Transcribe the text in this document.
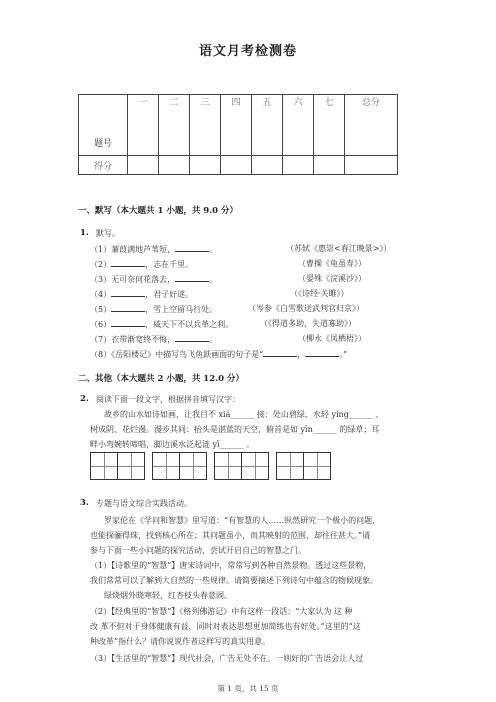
语文月考检测卷
题号	一	二	三	四	五	六	七	总分
得分								
一、默写（本大题共 1 小题，共 9.0 分）
1. 默写。
（1）蒹葭满地芦苇短，	。	（苏轼《惠崇<春江晚景>》）
（2）	，志在千里。	（曹操《龟虽寿》）
（3）无可奈何花落去，	。	（晏殊《浣溪沙》）
（4）	，君子好逑。	（《诗经·关雎》）
（5）	，雪上空留马行处。	（岑参《白雪歌送武判官归京》）
（6）	，威天下不以兵革之利。	（《得道多助，失道寡助》）
（7）衣带渐宽终不悔，	。	（柳永《凤栖梧》）
（8）《岳阳楼记》中描写鸟飞鱼跃画面的句子是“	，	。”
二、其他（本大题共 2 小题，共 12.0 分）
2. 阅读下面一段文字，根据拼音填写汉字：
故乡的山水如诗如画，让我目不 xiá______ 接：处山碧绿、水轻 yíng______ 、
树成阴、花烂漫。漫步其间：抬头是湛蓝的天空，俯首是如 yīn______ 的绿草；耳
畔小弯婉转啼唱，脚边溪水泛起涟 yī______ 。
3. 专题与语文综合实践活动。
罗家伦在《学问和智慧》里写道：“有智慧的人……纵然研究一个极小的问题，
也能探骊得珠，找到核心所在；其问题虽小，而其映射的范围，却往往甚大。”请
参与下面一些小问题的探究活动，尝试开启自己的智慧之门。
（1）【诗歌里的“智慧”】唐宋诗词中，常常写到各种自然景物。透过这些景物，
我们常常可以了解到大自然的一些规律。请简要摘述下列诗句中蕴含的物候现象。
绿烧烟外晓寒轻，红杏枝头春意闹。
（2）【经典里的“智慧”】《格列佛游记》中有这样一段话：“大家认为 这 种
改 革不但对于身体健康有益，同时对表达思想更加简练也有好处。”这里的“这
种改革”指什么？请你说说作者这样写的真实用意。
（3）【生活里的“智慧”】现代社会，广告无处不在。一则好的广告语会让人过
第 1 页，共 15 页
